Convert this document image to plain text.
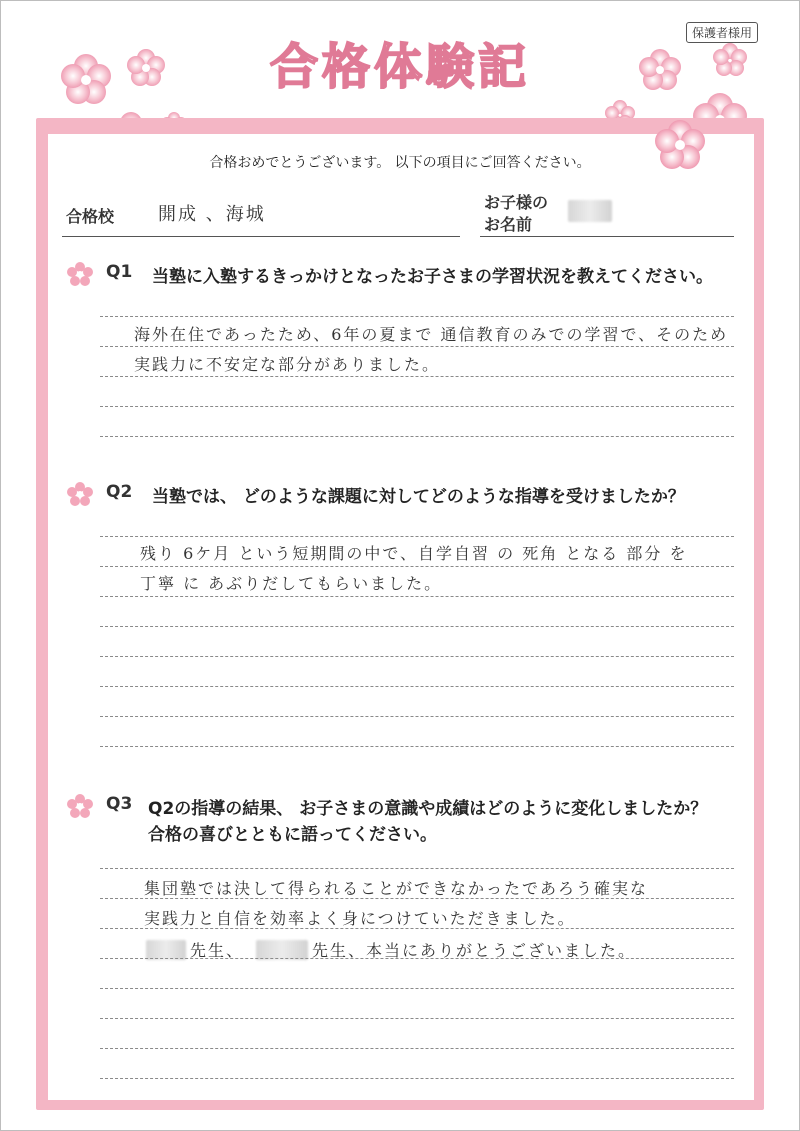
保護者様用
合格体験記
合格おめでとうございます。 以下の項目にご回答ください。
合格校 開成 、海城
お子様の
お名前
Q1 当塾に入塾するきっかけとなったお子さまの学習状況を教えてください。
海外在住であったため、6年の夏まで 通信教育のみでの学習で、そのため
実践力に不安定な部分がありました。
Q2 当塾では、 どのような課題に対してどのような指導を受けましたか？
残り 6ケ月 という短期間の中で、自学自習 の 死角 となる 部分 を
丁寧 に あぶりだしてもらいました。
Q3 Q2の指導の結果、 お子さまの意識や成績はどのように変化しましたか？
合格の喜びとともに語ってください。
集団塾では決して得られることができなかったであろう確実な
実践力と自信を効率よく身につけていただきました。
先生、	先生、本当にありがとうございました。
